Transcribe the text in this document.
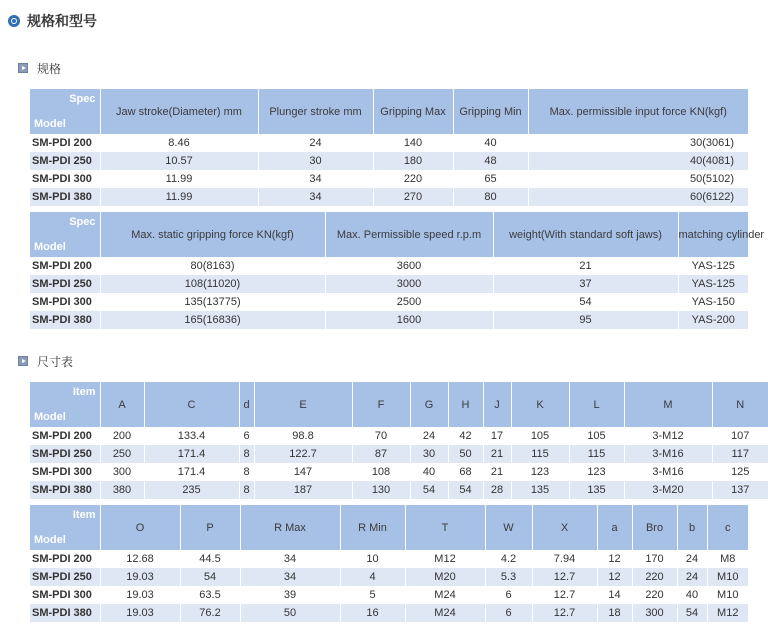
规格和型号
规格
Spec
Model	Jaw stroke(Diameter) mm	Plunger stroke mm	Gripping Max	Gripping Min	Max. permissible input force KN(kgf)
SM-PDI 200	8.46	24	140	40	30(3061)
SM-PDI 250	10.57	30	180	48	40(4081)
SM-PDI 300	11.99	34	220	65	50(5102)
SM-PDI 380	11.99	34	270	80	60(6122)
Spec
Model	Max. static gripping force KN(kgf)	Max. Permissible speed r.p.m	weight(With standard soft jaws)	matching cylinder
SM-PDI 200	80(8163)	3600	21	YAS-125
SM-PDI 250	108(11020)	3000	37	YAS-125
SM-PDI 300	135(13775)	2500	54	YAS-150
SM-PDI 380	165(16836)	1600	95	YAS-200
尺寸表
Item
Model	A	C	d	E	F	G	H	J	K	L	M	N
SM-PDI 200	200	133.4	6	98.8	70	24	42	17	105	105	3-M12	107
SM-PDI 250	250	171.4	8	122.7	87	30	50	21	115	115	3-M16	117
SM-PDI 300	300	171.4	8	147	108	40	68	21	123	123	3-M16	125
SM-PDI 380	380	235	8	187	130	54	54	28	135	135	3-M20	137
Item
Model	O	P	R Max	R Min	T	W	X	a	Bro	b	c
SM-PDI 200	12.68	44.5	34	10	M12	4.2	7.94	12	170	24	M8
SM-PDI 250	19.03	54	34	4	M20	5.3	12.7	12	220	24	M10
SM-PDI 300	19.03	63.5	39	5	M24	6	12.7	14	220	40	M10
SM-PDI 380	19.03	76.2	50	16	M24	6	12.7	18	300	54	M12
